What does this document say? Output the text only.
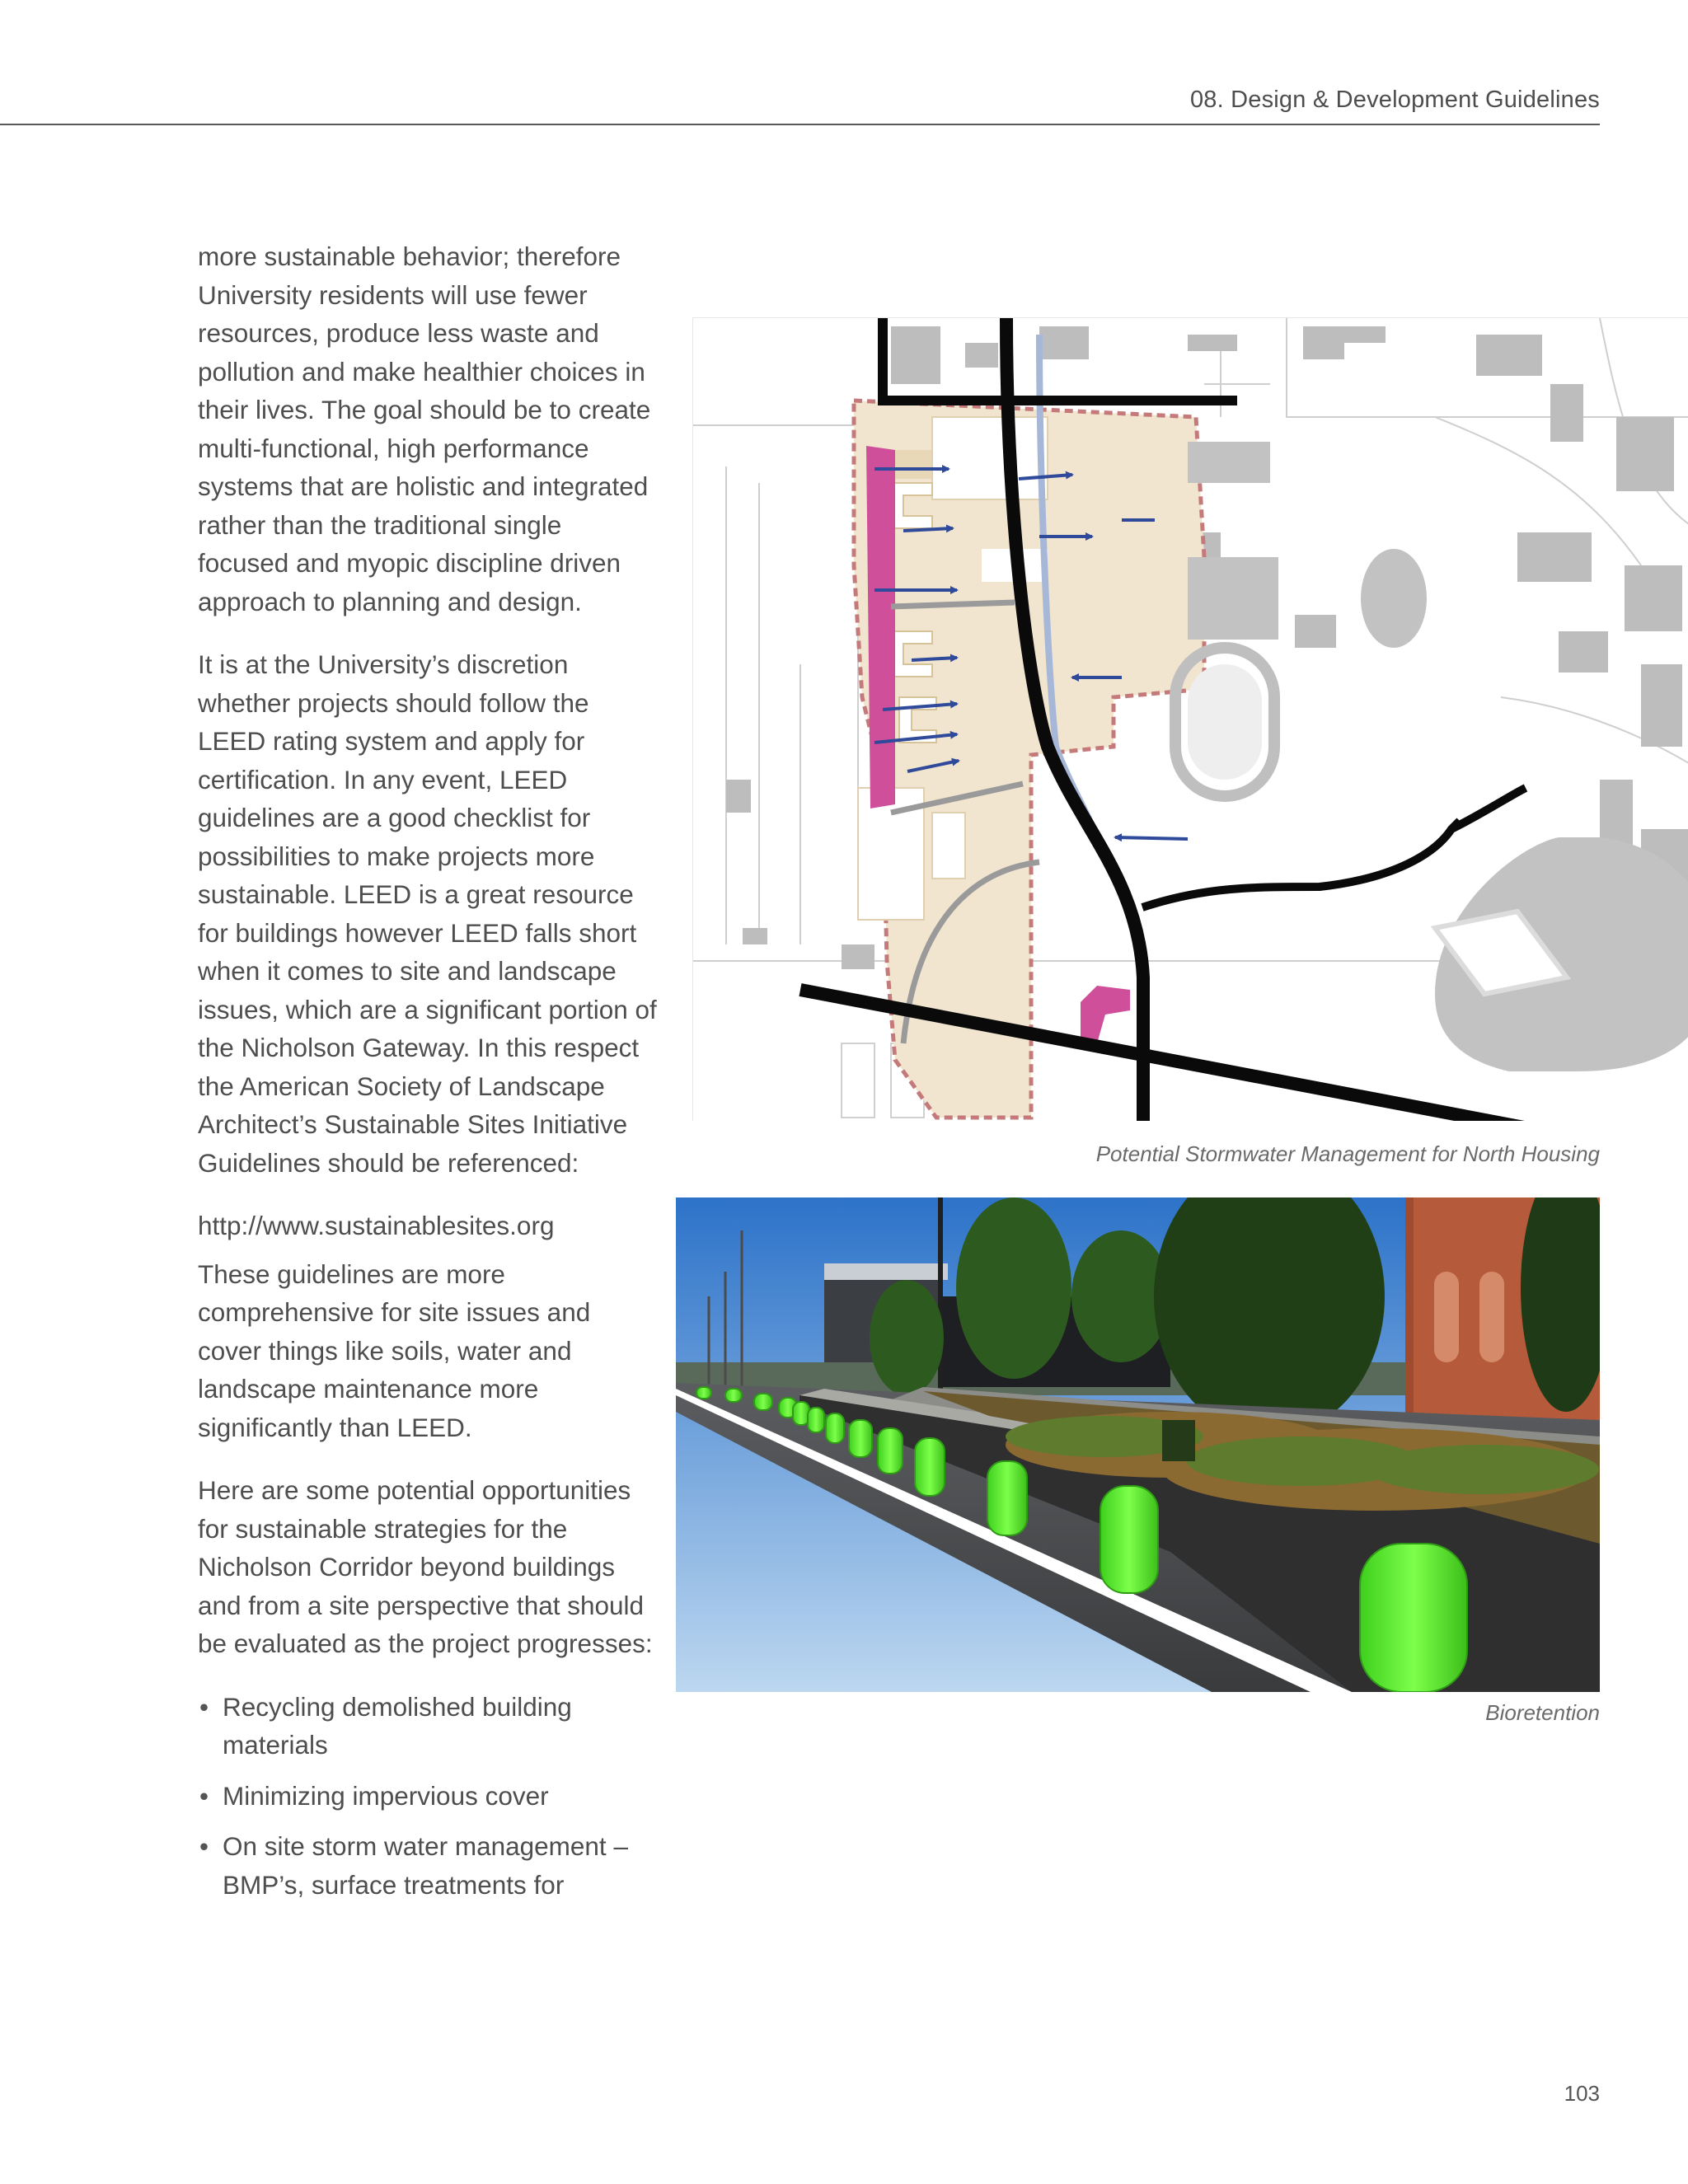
08. Design & Development Guidelines

more sustainable behavior; therefore University residents will use fewer resources, produce less waste and pollution and make healthier choices in their lives. The goal should be to create multi-functional, high performance systems that are holistic and integrated rather than the traditional single focused and myopic discipline driven approach to planning and design.

It is at the University’s discretion whether projects should follow the LEED rating system and apply for certification. In any event, LEED guidelines are a good checklist for possibilities to make projects more sustainable. LEED is a great resource for buildings however LEED falls short when it comes to site and landscape issues, which are a significant portion of the Nicholson Gateway. In this respect the American Society of Landscape Architect’s Sustainable Sites Initiative Guidelines should be referenced:

http://www.sustainablesites.org

These guidelines are more comprehensive for site issues and cover things like soils, water and landscape maintenance more significantly than LEED.

Here are some potential opportunities for sustainable strategies for the Nicholson Corridor beyond buildings and from a site perspective that should be evaluated as the project progresses:

• Recycling demolished building materials
• Minimizing impervious cover
• On site storm water management – BMP’s, surface treatments for
Potential Stormwater Management for North Housing
Bioretention
103
